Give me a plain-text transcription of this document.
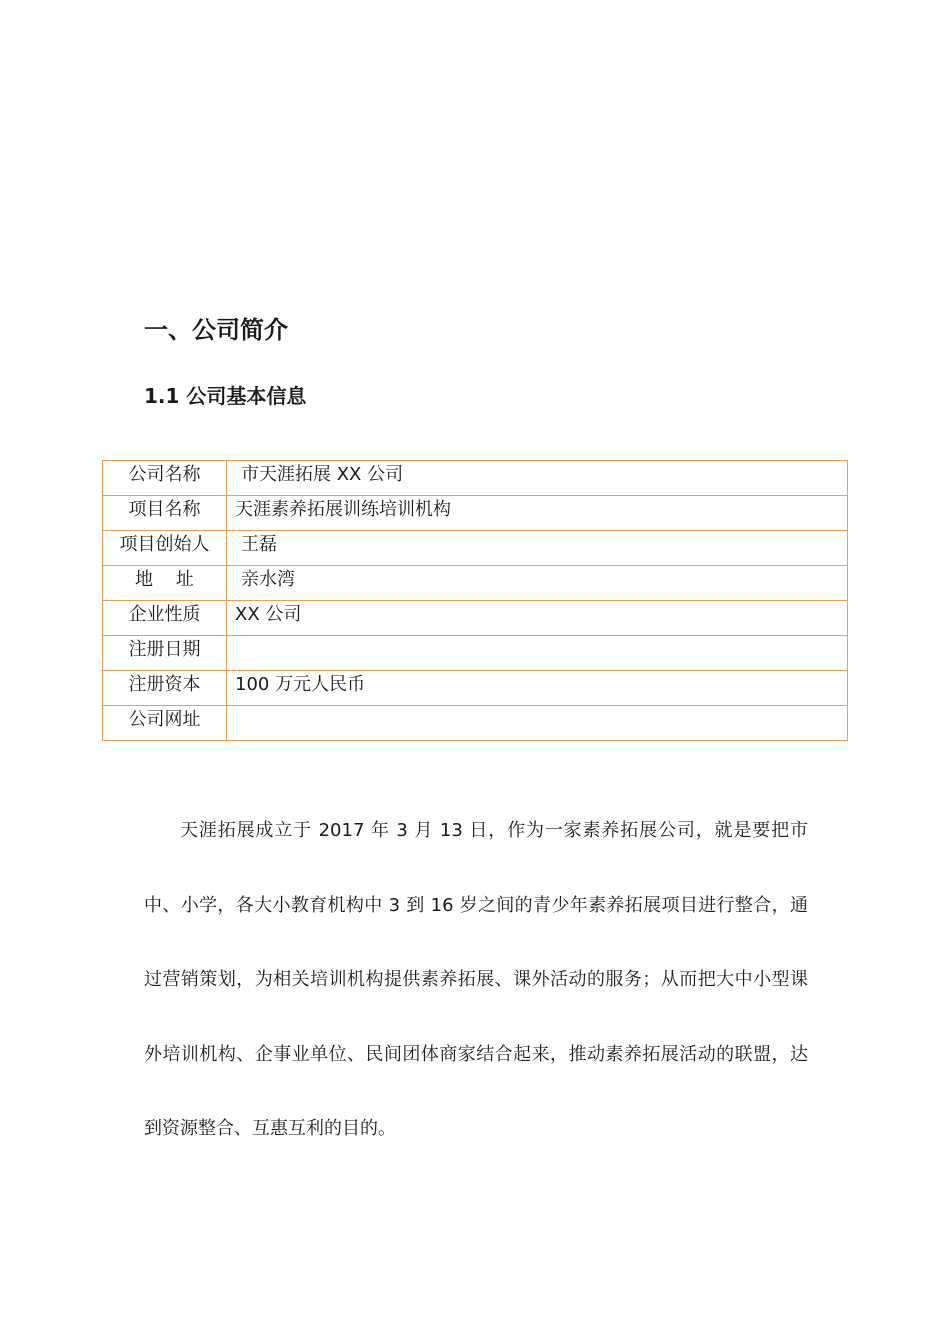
一、公司简介
1.1 公司基本信息
公司名称	市天涯拓展 XX 公司
项目名称	天涯素养拓展训练培训机构
项目创始人	王磊
地    址	亲水湾
企业性质	XX 公司
注册日期	
注册资本	100 万元人民币
公司网址	

天涯拓展成立于 2017 年 3 月 13 日，作为一家素养拓展公司，就是要把市中、小学，各大小教育机构中 3 到 16 岁之间的青少年素养拓展项目进行整合，通过营销策划，为相关培训机构提供素养拓展、课外活动的服务；从而把大中小型课外培训机构、企事业单位、民间团体商家结合起来，推动素养拓展活动的联盟，达到资源整合、互惠互利的目的。
